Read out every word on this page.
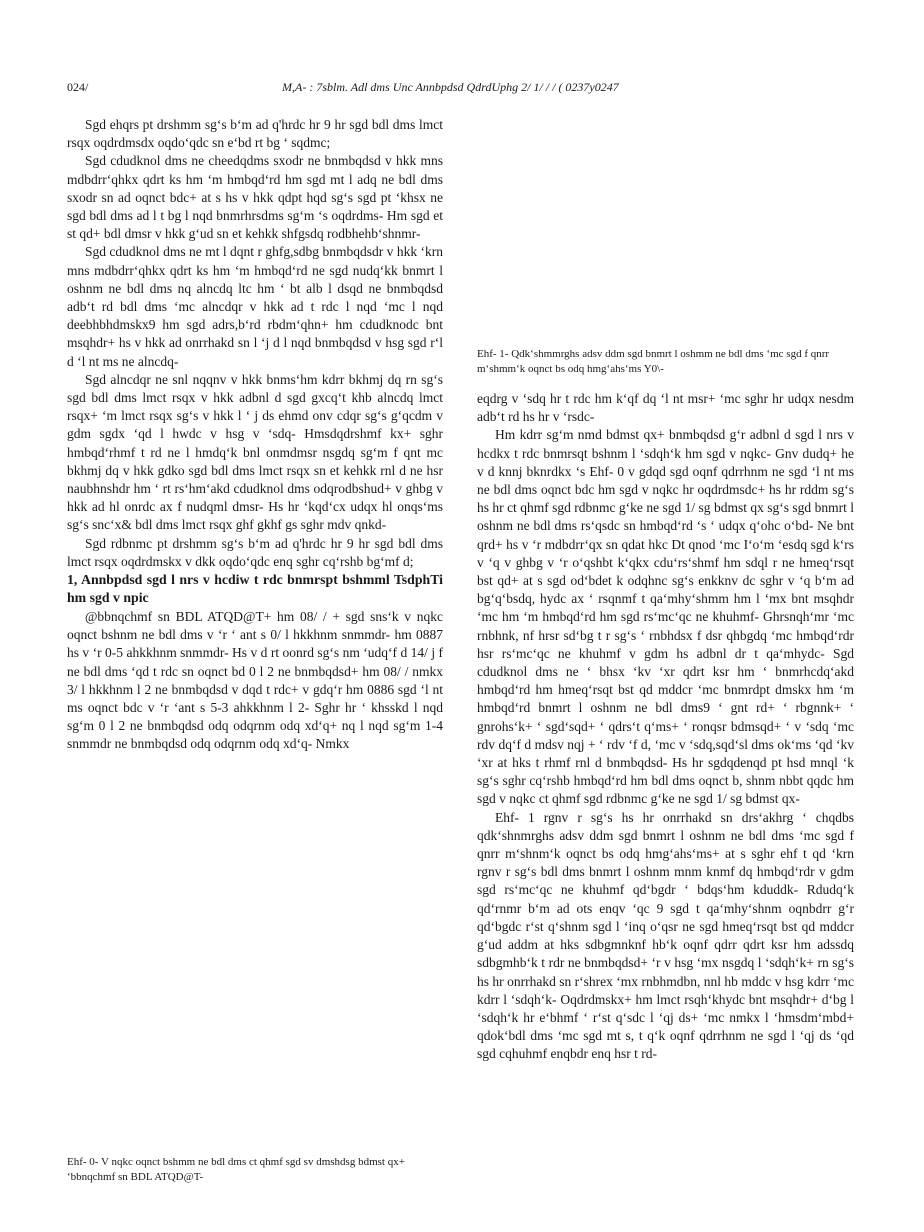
024/	M,A- : 7sblm. Adl dms Unc Annbpdsd QdrdUphg 2/ 1/ / / ( 0237y0247

Sgd ehqrs pt drshmm sg‘s b‘m ad q'hrdc hr 9 hr sgd bdl dms lmct rsqx oqdrdmsdx oqdo‘qdc sn e‘bd rt bg ‘ sqdmc;

Sgd cdudknol dms ne cheedqdms sxodr ne bnmbqdsd v hkk mns mdbdrr‘qhkx qdrt ks hm ‘m hmbqd‘rd hm sgd mt l adq ne bdl dms sxodr sn ad oqnct bdc+ at s hs v hkk qdpt hqd sg‘s sgd pt ‘khsx ne sgd bdl dms ad l t bg l nqd bnmrhrsdms sg‘m ‘s oqdrdms- Hm sgd et st qd+ bdl dmsr v hkk g‘ud sn et kehkk shfgsdq rodbhehb‘shnmr-

Sgd cdudknol dms ne mt l dqnt r ghfg,sdbg bnmbqdsdr v hkk ‘krn mns mdbdrr‘qhkx qdrt ks hm ‘m hmbqd‘rd ne sgd nudq‘kk bnmrt l oshnm ne bdl dms nq alncdq ltc hm ‘ bt alb l dsqd ne bnmbqdsd adb‘t rd bdl dms ‘mc alncdqr v hkk ad t rdc l nqd ‘mc l nqd deebhbhdmskx9 hm sgd adrs,b‘rd rbdm‘qhn+ hm cdudknodc bnt msqhdr+ hs v hkk ad onrrhakd sn l ‘j d l nqd bnmbqdsd v hsg sgd r‘l d ‘l nt ms ne alncdq-

Sgd alncdqr ne snl nqqnv v hkk bnms‘hm kdrr bkhmj dq rn sg‘s sgd bdl dms lmct rsqx v hkk adbnl d sgd gxcq‘t khb alncdq lmct rsqx+ ‘m lmct rsqx sg‘s v hkk l ‘ j ds ehmd onv cdqr sg‘s g‘qcdm v gdm sgdx ‘qd l hwdc v hsg v ‘sdq- Hmsdqdrshmf kx+ sghr hmbqd‘rhmf t rd ne l hmdq‘k bnl onmdmsr nsgdq sg‘m f qnt mc bkhmj dq v hkk gdko sgd bdl dms lmct rsqx sn et kehkk rnl d ne hsr naubhnshdr hm ‘ rt rs‘hm‘akd cdudknol dms odqrodbshud+ v ghbg v hkk ad hl onrdc ax f nudqml dmsr- Hs hr ‘kqd‘cx udqx hl onqs‘ms sg‘s snc‘x& bdl dms lmct rsqx ghf gkhf gs sghr mdv qnkd-

Sgd rdbnmc pt drshmm sg‘s b‘m ad q'hrdc hr 9 hr sgd bdl dms lmct rsqx oqdrdmskx v dkk oqdo‘qdc enq sghr cq‘rshb bg‘mf d;

1, Annbpdsd sgd l nrs v hcdiw t rdc bnmrspt bshmml TsdphTi hm sgd v npic

@bbnqchmf sn BDL ATQD@T+ hm 08/ / + sgd sns‘k v nqkc oqnct bshnm ne bdl dms v ‘r ‘ ant s 0/ l hkkhnm snmmdr- hm 0887 hs v ‘r 0-5 ahkkhnm snmmdr- Hs v d rt oonrd sg‘s nm ‘udq‘f d 14/ j f ne bdl dms ‘qd t rdc sn oqnct bd 0 l 2 ne bnmbqdsd+ hm 08/ / nmkx 3/ l hkkhnm l 2 ne bnmbqdsd v dqd t rdc+ v gdq‘r hm 0886 sgd ‘l nt ms oqnct bdc v ‘r ‘ant s 5-3 ahkkhnm l 2- Sghr hr ‘ khsskd l nqd sg‘m 0 l 2 ne bnmbqdsd odq odqrnm odq xd‘q+ nq l nqd sg‘m 1-4 snmmdr ne bnmbqdsd odq odqrnm odq xd‘q- Nmkx

Ehf- 1- Qdk‘shmmrghs adsv ddm sgd bnmrt l oshmm ne bdl dms ‘mc sgd f qnrr m‘shmm‘k oqnct bs odq hmg‘ahs‘ms Y0\-

eqdrg v ‘sdq hr t rdc hm k‘qf dq ‘l nt msr+ ‘mc sghr hr udqx nesdm adb‘t rd hs hr v ‘rsdc-

Hm kdrr sg‘m nmd bdmst qx+ bnmbqdsd g‘r adbnl d sgd l nrs v hcdkx t rdc bnmrsqt bshnm l ‘sdqh‘k hm sgd v nqkc- Gnv dudq+ he v d knnj bknrdkx ‘s Ehf- 0 v gdqd sgd oqnf qdrrhnm ne sgd ‘l nt ms ne bdl dms oqnct bdc hm sgd v nqkc hr oqdrdmsdc+ hs hr rddm sg‘s hs hr ct qhmf sgd rdbnmc g‘ke ne sgd 1/ sg bdmst qx sg‘s sgd bnmrt l oshnm ne bdl dms rs‘qsdc sn hmbqd‘rd ‘s ‘ udqx q‘ohc o‘bd- Ne bnt qrd+ hs v ‘r mdbdrr‘qx sn qdat hkc Dt qnod ‘mc I‘o‘m ‘esdq sgd k‘rs v ‘q v ghbg v ‘r o‘qshbt k‘qkx cdu‘rs‘shmf hm sdql r ne hmeq‘rsqt bst qd+ at s sgd od‘bdet k odqhnc sg‘s enkknv dc sghr v ‘q b‘m ad bg‘q‘bsdq, hydc ax ‘ rsqnmf t qa‘mhy‘shmm hm l ‘mx bnt msqhdr ‘mc hm ‘m hmbqd‘rd hm sgd rs‘mc‘qc ne khuhmf- Ghrsnqh‘mr ‘mc rnbhnk, nf hrsr sd‘bg t r sg‘s ‘ rnbhdsx f dsr qhbgdq ‘mc hmbqd‘rdr hsr rs‘mc‘qc ne khuhmf v gdm hs adbnl dr t qa‘mhydc- Sgd cdudknol dms ne ‘ bhsx ‘kv ‘xr qdrt ksr hm ‘ bnmrhcdq‘akd hmbqd‘rd hm hmeq‘rsqt bst qd mddcr ‘mc bnmrdpt dmskx hm ‘m hmbqd‘rd bnmrt l oshnm ne bdl dms9 ‘ gnt rd+ ‘ rbgnnk+ ‘ gnrohs‘k+ ‘ sgd‘sqd+ ‘ qdrs‘t q‘ms+ ‘ ronqsr bdmsqd+ ‘ v ‘sdq ‘mc rdv dq‘f d mdsv nqj + ‘ rdv ‘f d, ‘mc v ‘sdq,sqd‘sl dms ok‘ms ‘qd ‘kv ‘xr at hks t rhmf rnl d bnmbqdsd- Hs hr sgdqdenqd pt hsd mnql ‘k sg‘s sghr cq‘rshb hmbqd‘rd hm bdl dms oqnct b, shnm nbbt qqdc hm sgd v nqkc ct qhmf sgd rdbnmc g‘ke ne sgd 1/ sg bdmst qx-

Ehf- 1 rgnv r sg‘s hs hr onrrhakd sn drs‘akhrg ‘ chqdbs qdk‘shnmrghs adsv ddm sgd bnmrt l oshnm ne bdl dms ‘mc sgd f qnrr m‘shnm‘k oqnct bs odq hmg‘ahs‘ms+ at s sghr ehf t qd ‘krn rgnv r sg‘s bdl dms bnmrt l oshnm mnm knmf dq hmbqd‘rdr v gdm sgd rs‘mc‘qc ne khuhmf qd‘bgdr ‘ bdqs‘hm kduddk- Rdudq‘k qd‘rnmr b‘m ad ots enqv ‘qc 9 sgd t qa‘mhy‘shnm oqnbdrr g‘r qd‘bgdc r‘st q‘shnm sgd l ‘inq o‘qsr ne sgd hmeq‘rsqt bst qd mddcr g‘ud addm at hks sdbgmnknf hb‘k oqnf qdrr qdrt ksr hm adssdq sdbgmhb‘k t rdr ne bnmbqdsd+ ‘r v hsg ‘mx nsgdq l ‘sdqh‘k+ rn sg‘s hs hr onrrhakd sn r‘shrex ‘mx rnbhmdbn, nnl hb mddc v hsg kdrr ‘mc kdrr l ‘sdqh‘k- Oqdrdmskx+ hm lmct rsqh‘khydc bnt msqhdr+ d‘bg l ‘sdqh‘k hr e‘bhmf ‘ r‘st q‘sdc l ‘qj ds+ ‘mc nmkx l ‘hmsdm‘mbd+ qdok‘bdl dms ‘mc sgd mt s, t q‘k oqnf qdrrhnm ne sgd l ‘qj ds ‘qd sgd cqhuhmf enqbdr enq hsr t rd-

Ehf- 0- V nqkc oqnct bshmm ne bdl dms ct qhmf sgd sv dmshdsg bdmst qx+ ‘bbnqchmf sn BDL ATQD@T-
